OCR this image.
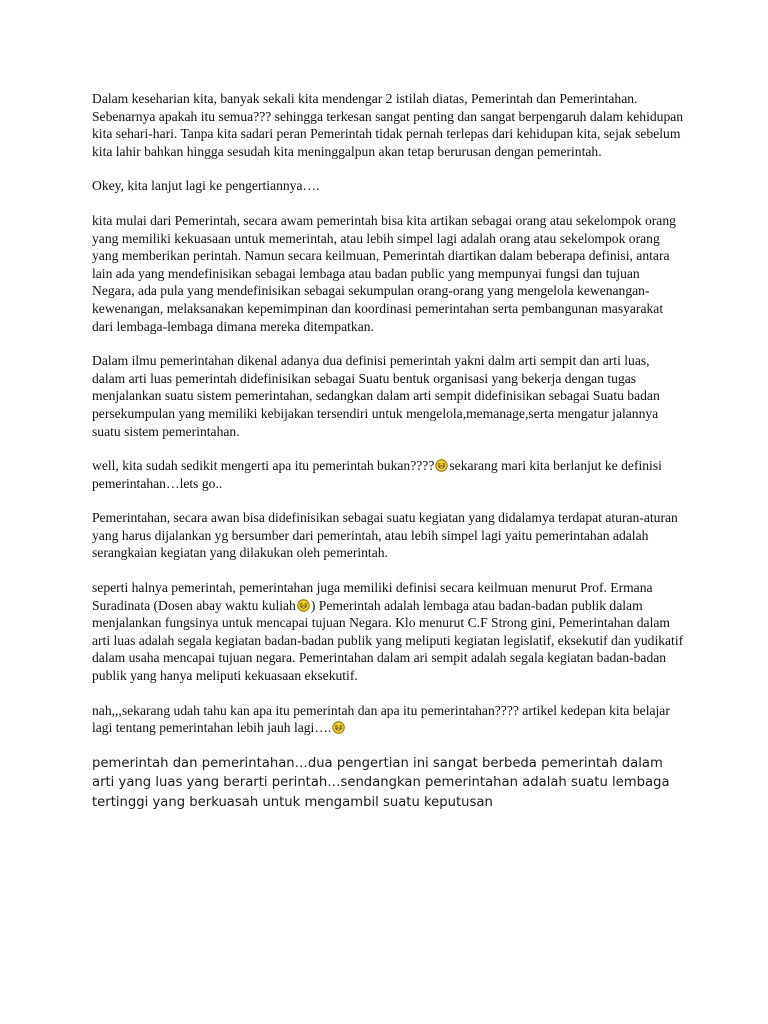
Dalam keseharian kita, banyak sekali kita mendengar 2 istilah diatas, Pemerintah dan Pemerintahan. Sebenarnya apakah itu semua??? sehingga terkesan sangat penting dan sangat berpengaruh dalam kehidupan kita sehari-hari. Tanpa kita sadari peran Pemerintah tidak pernah terlepas dari kehidupan kita, sejak sebelum kita lahir bahkan hingga sesudah kita meninggalpun akan tetap berurusan dengan pemerintah.

Okey, kita lanjut lagi ke pengertiannya….

kita mulai dari Pemerintah, secara awam pemerintah bisa kita artikan sebagai orang atau sekelompok orang yang memiliki kekuasaan untuk memerintah, atau lebih simpel lagi adalah orang atau sekelompok orang yang memberikan perintah. Namun secara keilmuan, Pemerintah diartikan dalam beberapa definisi, antara lain ada yang mendefinisikan sebagai lembaga atau badan public yang mempunyai fungsi dan tujuan Negara, ada pula yang mendefinisikan sebagai sekumpulan orang-orang yang mengelola kewenangan-kewenangan, melaksanakan kepemimpinan dan koordinasi pemerintahan serta pembangunan masyarakat dari lembaga-lembaga dimana mereka ditempatkan.

Dalam ilmu pemerintahan dikenal adanya dua definisi pemerintah yakni dalm arti sempit dan arti luas, dalam arti luas pemerintah didefinisikan sebagai Suatu bentuk organisasi yang bekerja dengan tugas menjalankan suatu sistem pemerintahan, sedangkan dalam arti sempit didefinisikan sebagai Suatu badan persekumpulan yang memiliki kebijakan tersendiri untuk mengelola,memanage,serta mengatur jalannya suatu sistem pemerintahan.

well, kita sudah sedikit mengerti apa itu pemerintah bukan???? sekarang mari kita berlanjut ke definisi pemerintahan…lets go..

Pemerintahan, secara awan bisa didefinisikan sebagai suatu kegiatan yang didalamya terdapat aturan-aturan yang harus dijalankan yg bersumber dari pemerintah, atau lebih simpel lagi yaitu pemerintahan adalah serangkaian kegiatan yang dilakukan oleh pemerintah.

seperti halnya pemerintah, pemerintahan juga memiliki definisi secara keilmuan menurut Prof. Ermana Suradinata (Dosen abay waktu kuliah ) Pemerintah adalah lembaga atau badan-badan publik dalam menjalankan fungsinya untuk mencapai tujuan Negara. Klo menurut C.F Strong gini, Pemerintahan dalam arti luas adalah segala kegiatan badan-badan publik yang meliputi kegiatan legislatif, eksekutif dan yudikatif dalam usaha mencapai tujuan negara. Pemerintahan dalam ari sempit adalah segala kegiatan badan-badan publik yang hanya meliputi kekuasaan eksekutif.

nah,,,sekarang udah tahu kan apa itu pemerintah dan apa itu pemerintahan???? artikel kedepan kita belajar lagi tentang pemerintahan lebih jauh lagi….

pemerintah dan pemerintahan…dua pengertian ini sangat berbeda pemerintah dalam arti yang luas yang berarti perintah…sendangkan pemerintahan adalah suatu lembaga tertinggi yang berkuasah untuk mengambil suatu keputusan
